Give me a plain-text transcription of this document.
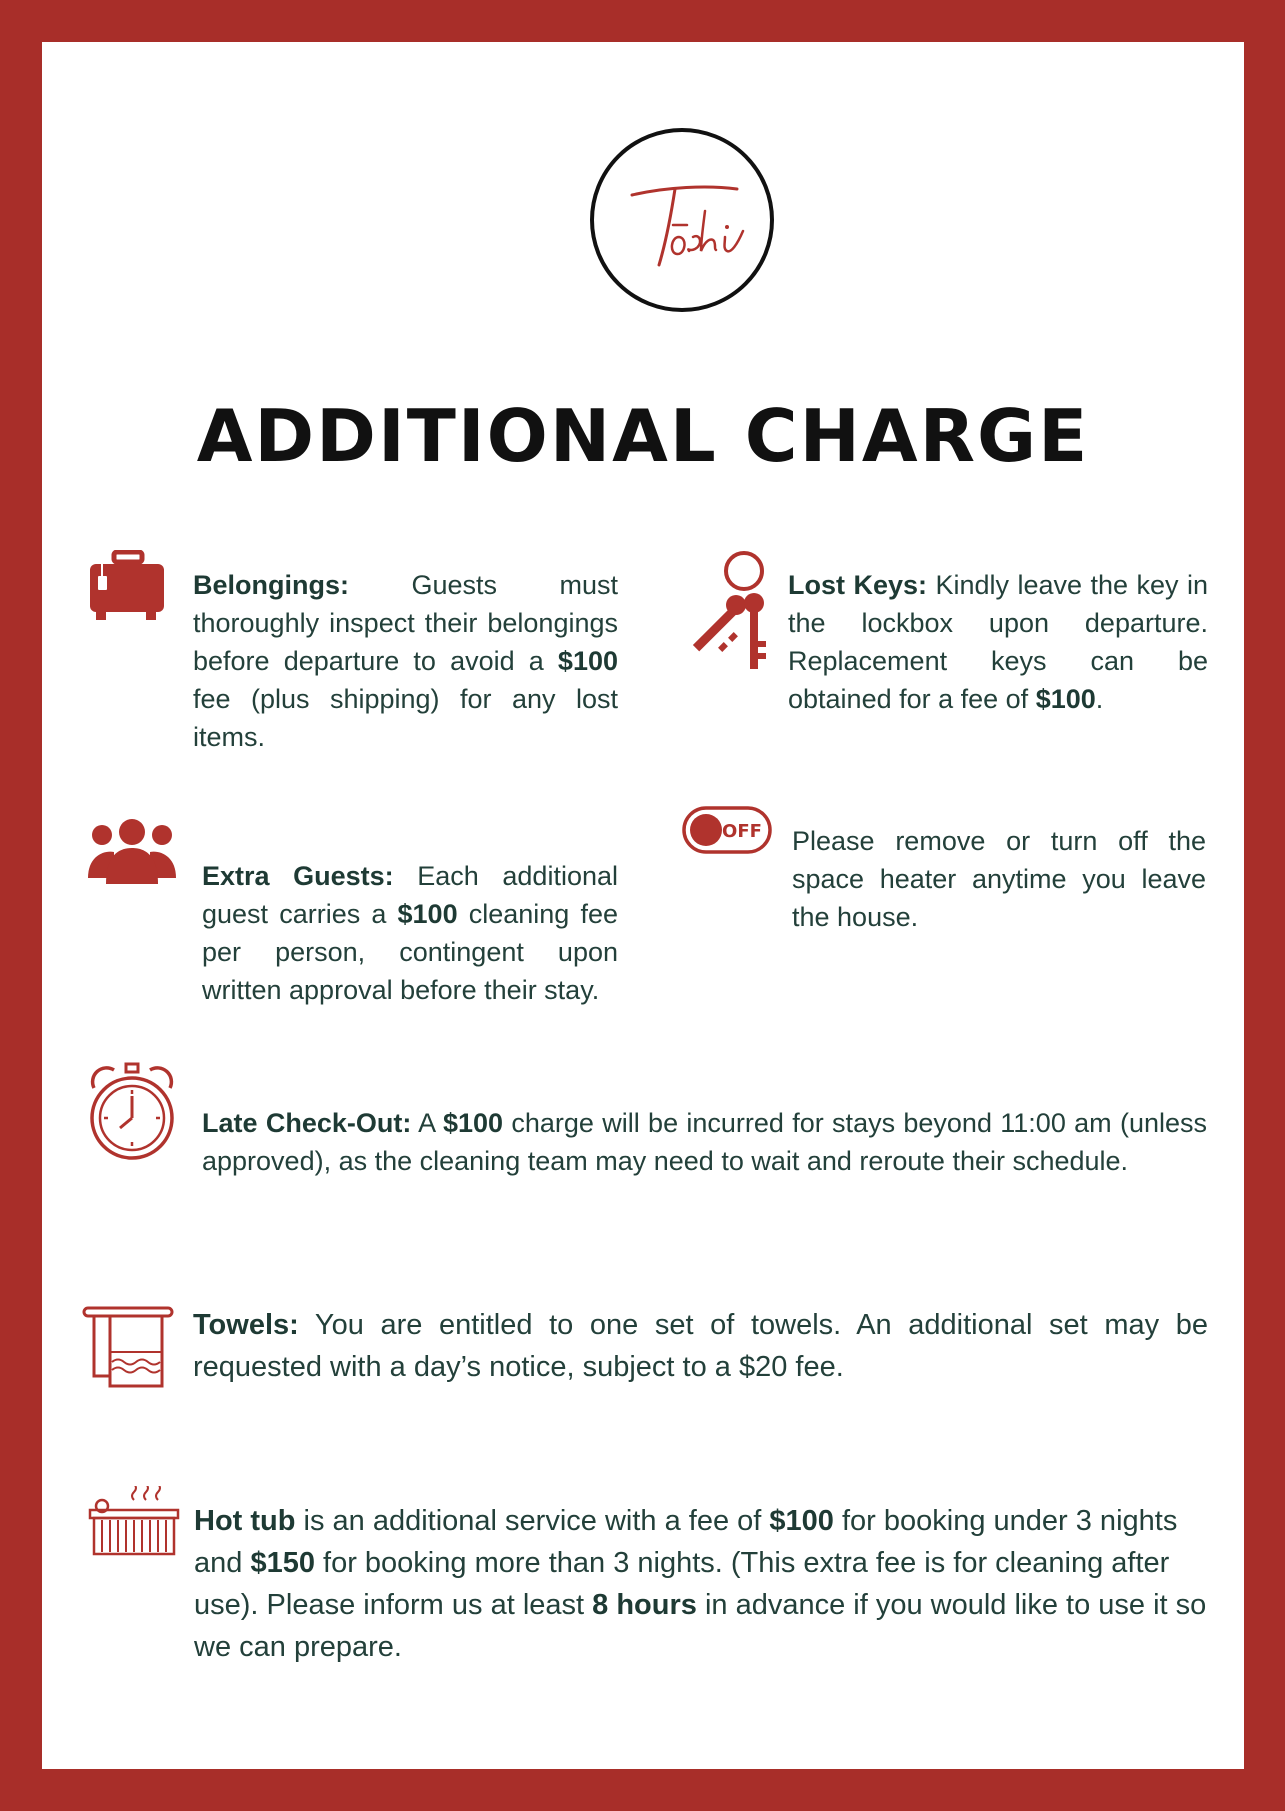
ADDITIONAL CHARGE
Belongings: Guests must thoroughly inspect their belongings before departure to avoid a $100 fee (plus shipping) for any lost items.
Lost Keys: Kindly leave the key in the lockbox upon departure. Replacement keys can be obtained for a fee of $100.
Extra Guests: Each additional guest carries a $100 cleaning fee per person, contingent upon written approval before their stay.
OFF Please remove or turn off the space heater anytime you leave the house.
Late Check-Out: A $100 charge will be incurred for stays beyond 11:00 am (unless approved), as the cleaning team may need to wait and reroute their schedule.
Towels: You are entitled to one set of towels. An additional set may be requested with a day’s notice, subject to a $20 fee.
Hot tub is an additional service with a fee of $100 for booking under 3 nights and $150 for booking more than 3 nights. (This extra fee is for cleaning after use). Please inform us at least 8 hours in advance if you would like to use it so we can prepare.
